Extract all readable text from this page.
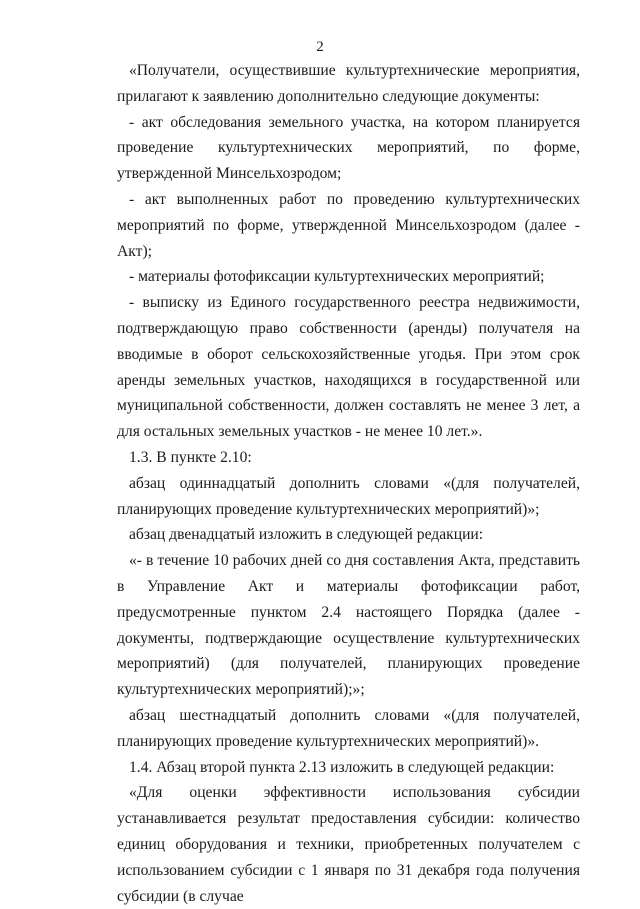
2

«Получатели, осуществившие культуртехнические мероприятия, прилагают к заявлению дополнительно следующие документы:

- акт обследования земельного участка, на котором планируется проведение культуртехнических мероприятий, по форме, утвержденной Минсельхозродом;

- акт выполненных работ по проведению культуртехнических мероприятий по форме, утвержденной Минсельхозродом (далее - Акт);

- материалы фотофиксации культуртехнических мероприятий;

- выписку из Единого государственного реестра недвижимости, подтверждающую право собственности (аренды) получателя на вводимые в оборот сельскохозяйственные угодья. При этом срок аренды земельных участков, находящихся в государственной или муниципальной собственности, должен составлять не менее 3 лет, а для остальных земельных участков - не менее 10 лет.».

1.3. В пункте 2.10:

абзац одиннадцатый дополнить словами «(для получателей, планирующих проведение культуртехнических мероприятий)»;

абзац двенадцатый изложить в следующей редакции:

«- в течение 10 рабочих дней со дня составления Акта, представить в Управление Акт и материалы фотофиксации работ, предусмотренные пунктом 2.4 настоящего Порядка (далее - документы, подтверждающие осуществление культуртехнических мероприятий) (для получателей, планирующих проведение культуртехнических мероприятий);»;

абзац шестнадцатый дополнить словами «(для получателей, планирующих проведение культуртехнических мероприятий)».

1.4. Абзац второй пункта 2.13 изложить в следующей редакции:

«Для оценки эффективности использования субсидии устанавливается результат предоставления субсидии: количество единиц оборудования и техники, приобретенных получателем с использованием субсидии с 1 января по 31 декабря года получения субсидии (в случае
